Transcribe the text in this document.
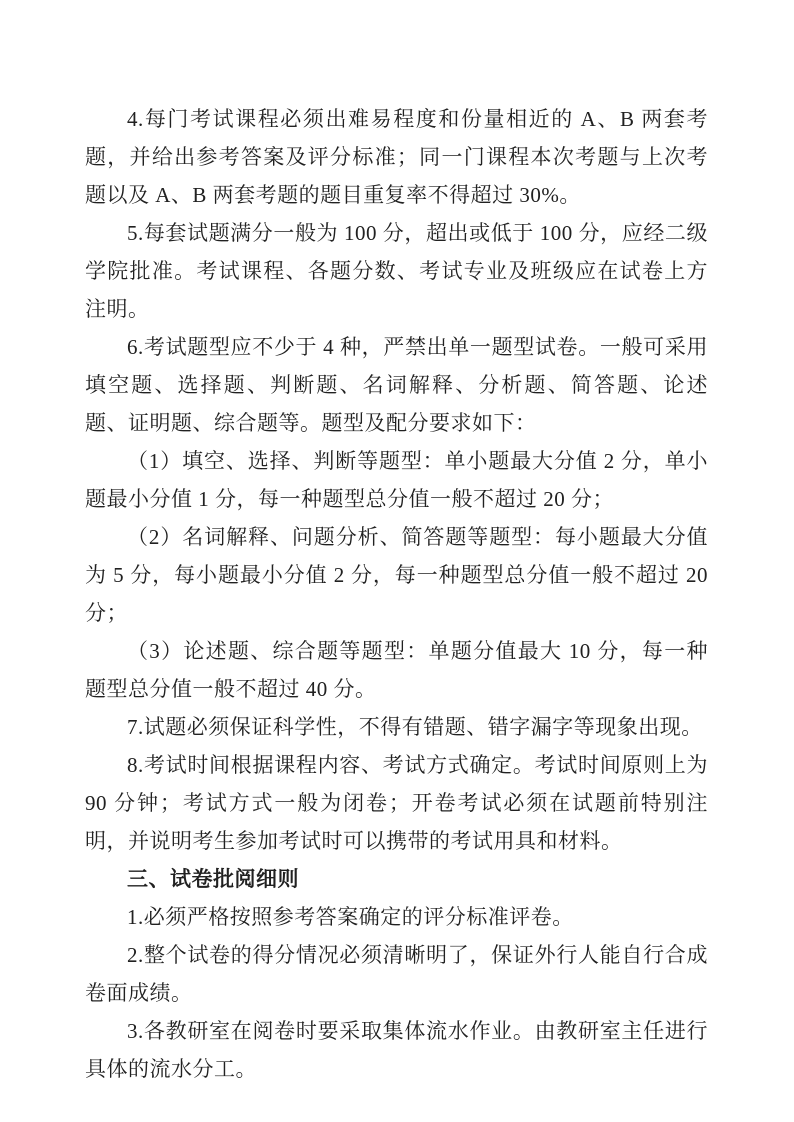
4.每门考试课程必须出难易程度和份量相近的 A、B 两套考题，并给出参考答案及评分标准；同一门课程本次考题与上次考题以及 A、B 两套考题的题目重复率不得超过 30%。

5.每套试题满分一般为 100 分，超出或低于 100 分，应经二级学院批准。考试课程、各题分数、考试专业及班级应在试卷上方注明。

6.考试题型应不少于 4 种，严禁出单一题型试卷。一般可采用填空题、选择题、判断题、名词解释、分析题、简答题、论述题、证明题、综合题等。题型及配分要求如下：

（1）填空、选择、判断等题型：单小题最大分值 2 分，单小题最小分值 1 分，每一种题型总分值一般不超过 20 分；

（2）名词解释、问题分析、简答题等题型：每小题最大分值为 5 分，每小题最小分值 2 分，每一种题型总分值一般不超过 20 分；

（3）论述题、综合题等题型：单题分值最大 10 分，每一种题型总分值一般不超过 40 分。

7.试题必须保证科学性，不得有错题、错字漏字等现象出现。

8.考试时间根据课程内容、考试方式确定。考试时间原则上为 90 分钟；考试方式一般为闭卷；开卷考试必须在试题前特别注明，并说明考生参加考试时可以携带的考试用具和材料。

三、试卷批阅细则

1.必须严格按照参考答案确定的评分标准评卷。

2.整个试卷的得分情况必须清晰明了，保证外行人能自行合成卷面成绩。

3.各教研室在阅卷时要采取集体流水作业。由教研室主任进行具体的流水分工。
